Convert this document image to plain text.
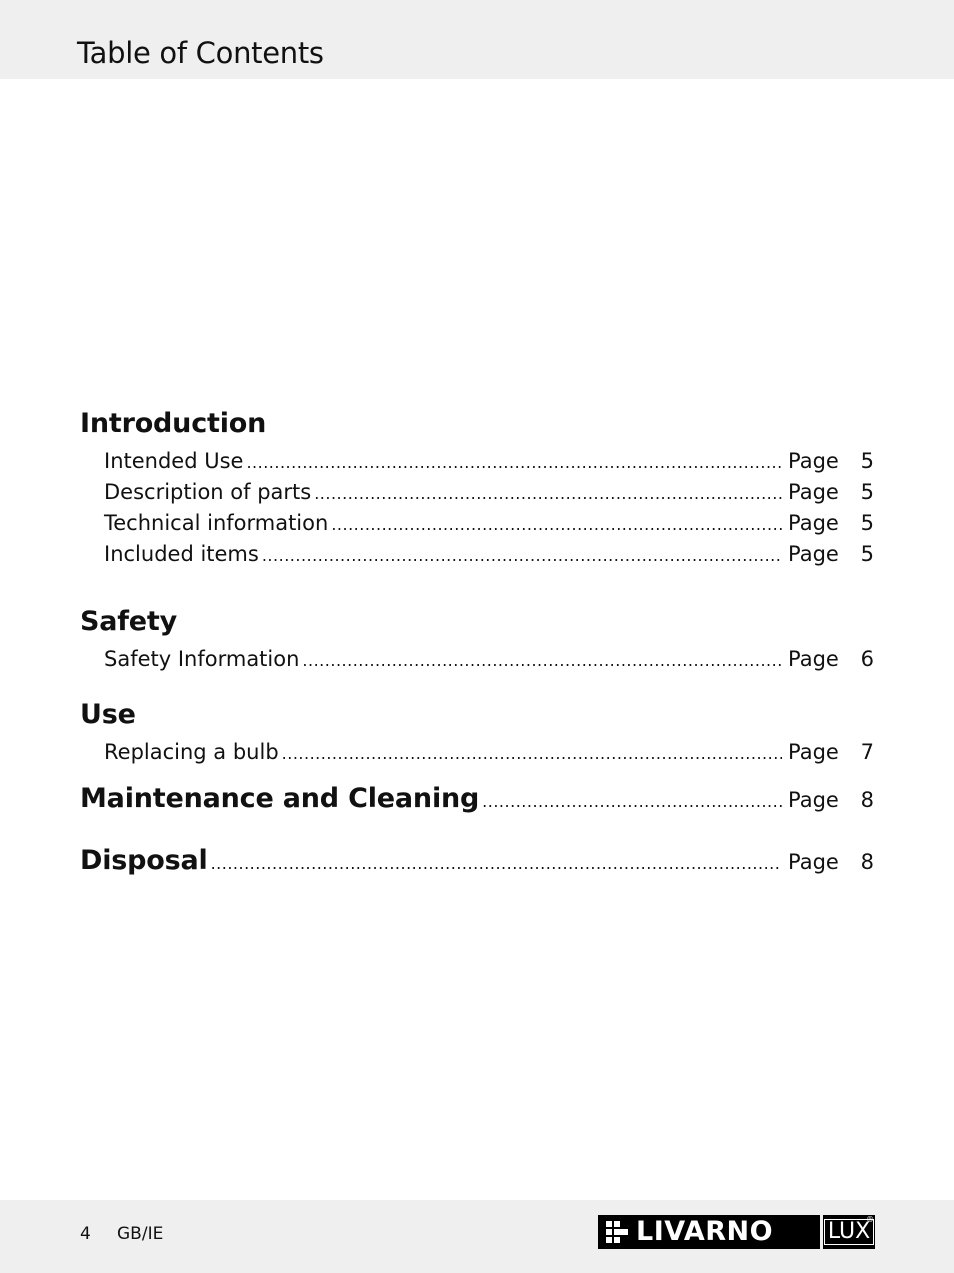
Table of Contents
Introduction
Intended Use .....	Page	5
Description of parts .....	Page	5
Technical information .....	Page	5
Included items .....	Page	5
Safety
Safety Information .....	Page	6
Use
Replacing a bulb .....	Page	7
Maintenance and Cleaning .....	Page	8
Disposal .....	Page	8
4 GB/IE	LIVARNO LUX
®
